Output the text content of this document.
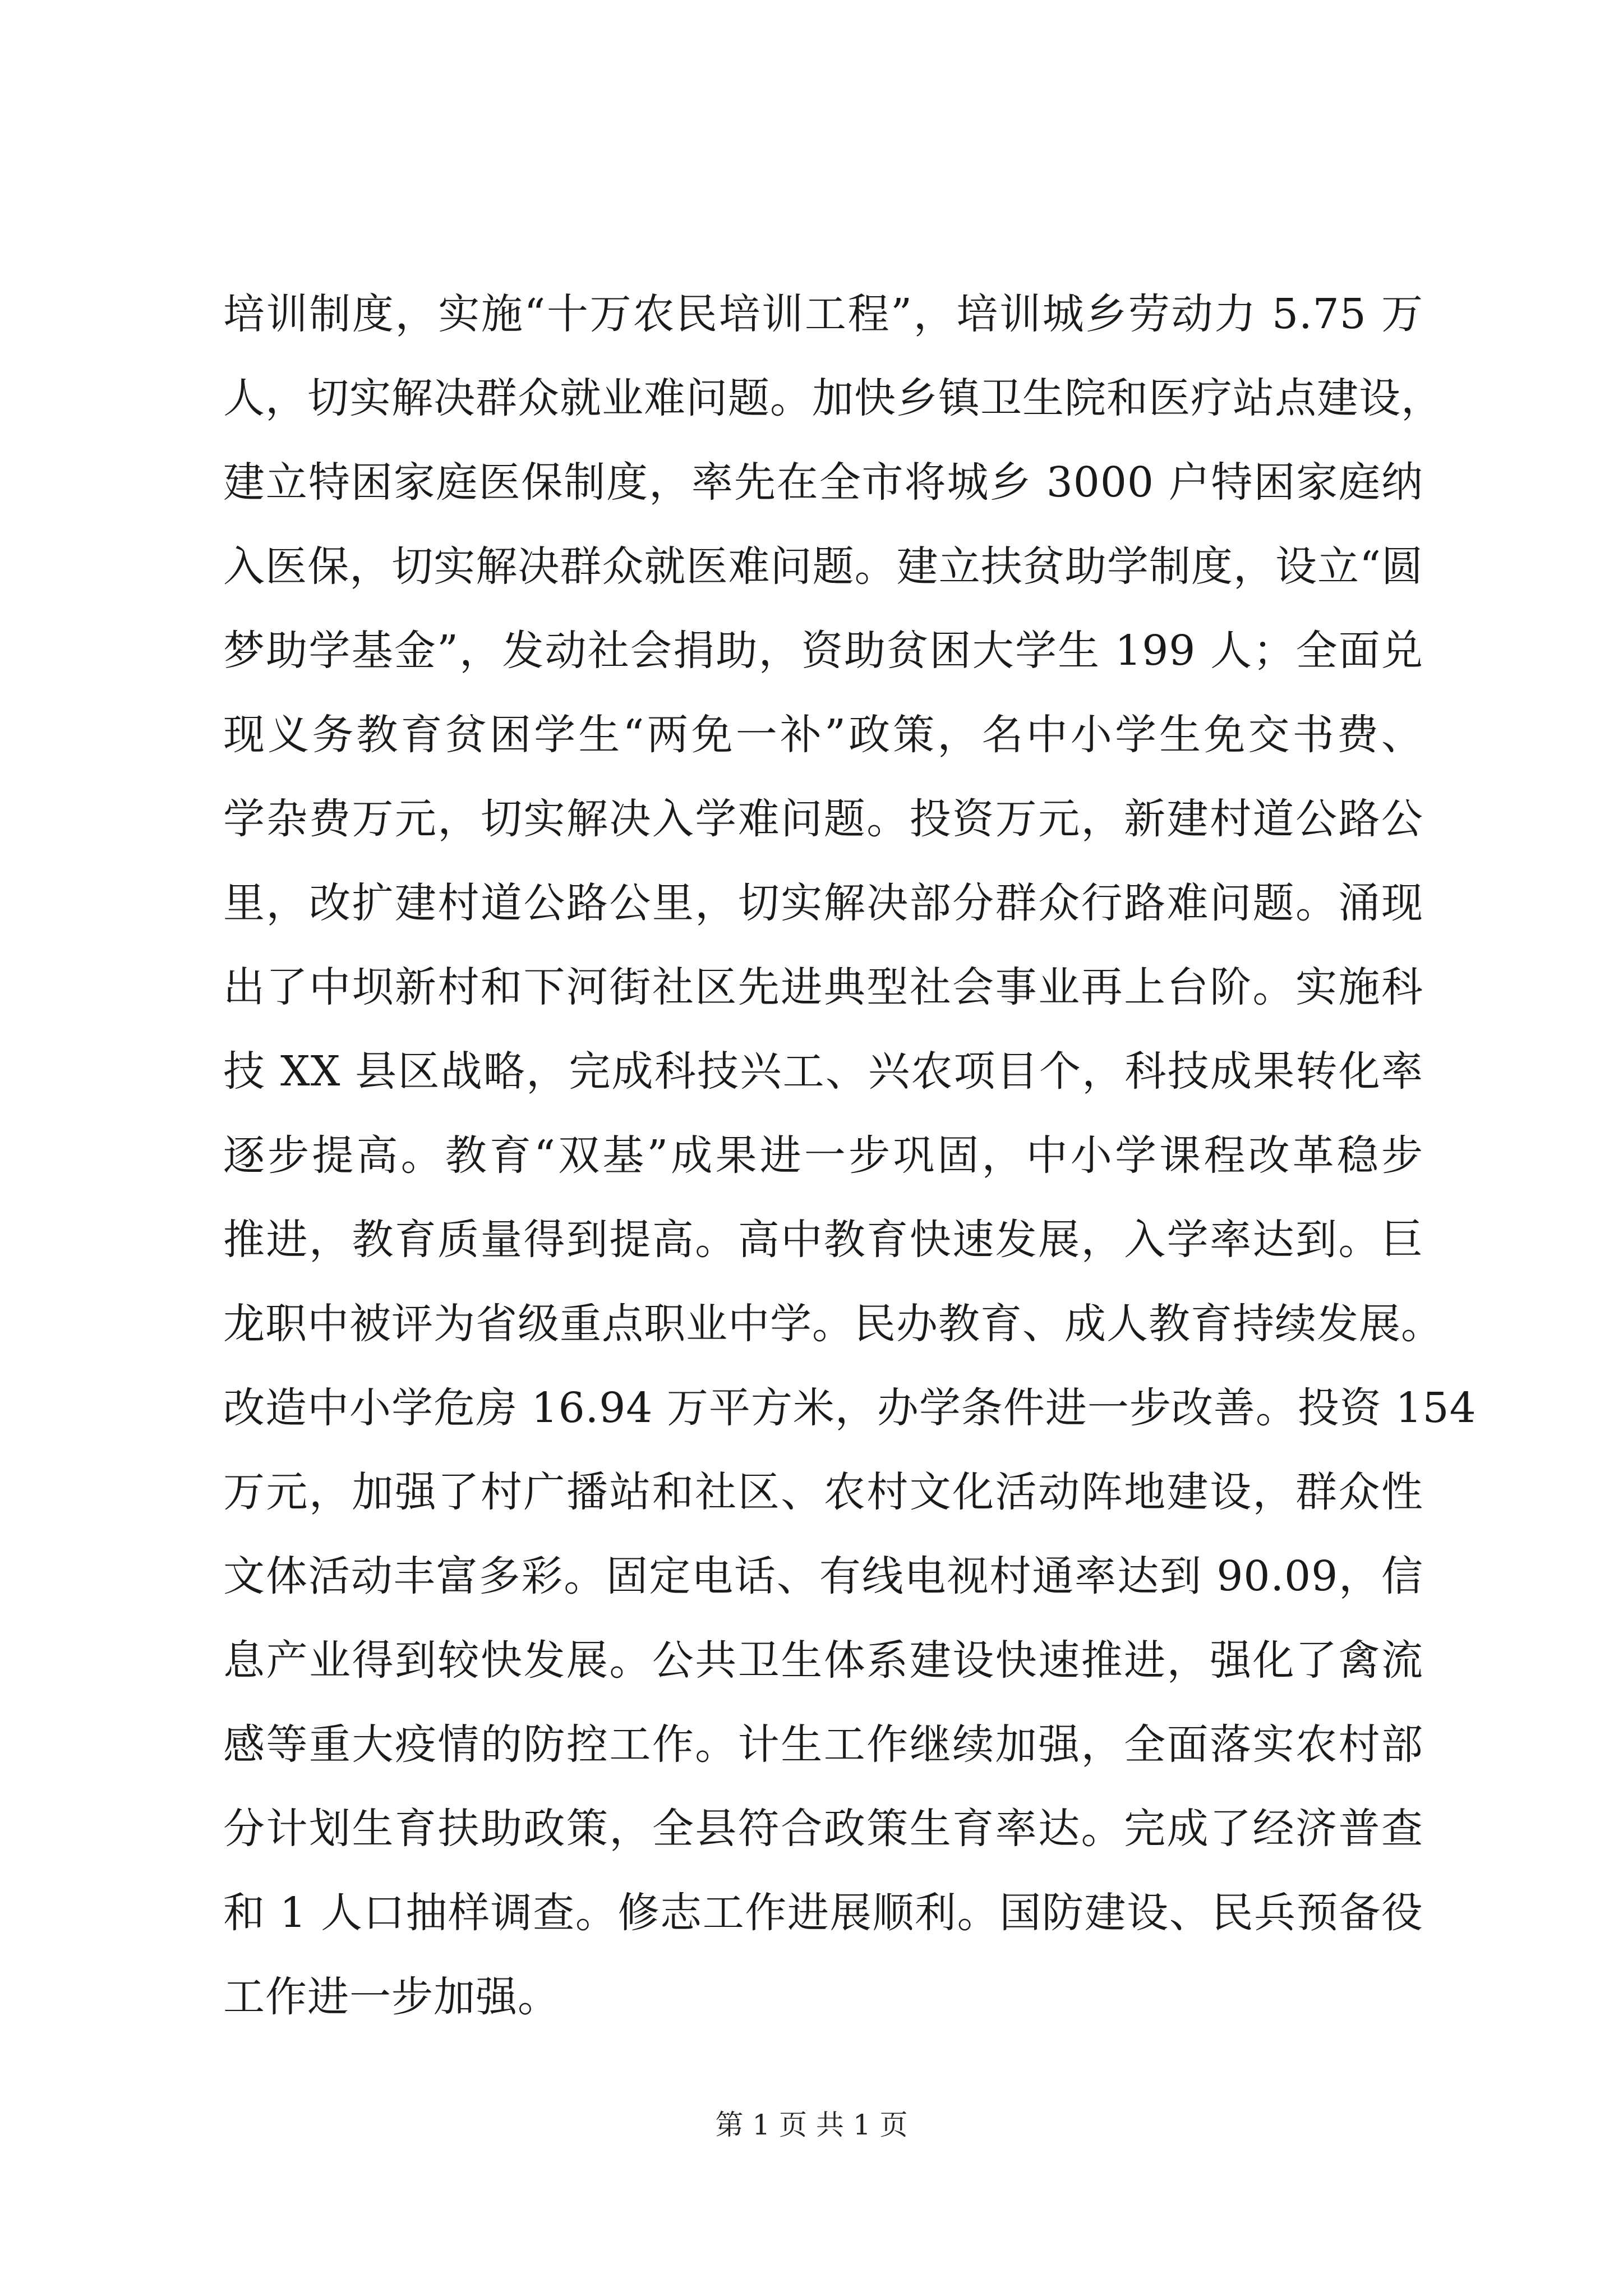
培训制度，实施“十万农民培训工程”，培训城乡劳动力 5.75 万
人，切实解决群众就业难问题。加快乡镇卫生院和医疗站点建设，
建立特困家庭医保制度，率先在全市将城乡 3000 户特困家庭纳
入医保，切实解决群众就医难问题。建立扶贫助学制度，设立“圆
梦助学基金”，发动社会捐助，资助贫困大学生 199 人；全面兑
现义务教育贫困学生“两免一补”政策，名中小学生免交书费、
学杂费万元，切实解决入学难问题。投资万元，新建村道公路公
里，改扩建村道公路公里，切实解决部分群众行路难问题。涌现
出了中坝新村和下河街社区先进典型社会事业再上台阶。实施科
技 XX 县区战略，完成科技兴工、兴农项目个，科技成果转化率
逐步提高。教育“双基”成果进一步巩固，中小学课程改革稳步
推进，教育质量得到提高。高中教育快速发展，入学率达到。巨
龙职中被评为省级重点职业中学。民办教育、成人教育持续发展。
改造中小学危房 16.94 万平方米，办学条件进一步改善。投资 154
万元，加强了村广播站和社区、农村文化活动阵地建设，群众性
文体活动丰富多彩。固定电话、有线电视村通率达到 90.09，信
息产业得到较快发展。公共卫生体系建设快速推进，强化了禽流
感等重大疫情的防控工作。计生工作继续加强，全面落实农村部
分计划生育扶助政策，全县符合政策生育率达。完成了经济普查
和 1 人口抽样调查。修志工作进展顺利。国防建设、民兵预备役
工作进一步加强。
第 1 页 共 1 页
